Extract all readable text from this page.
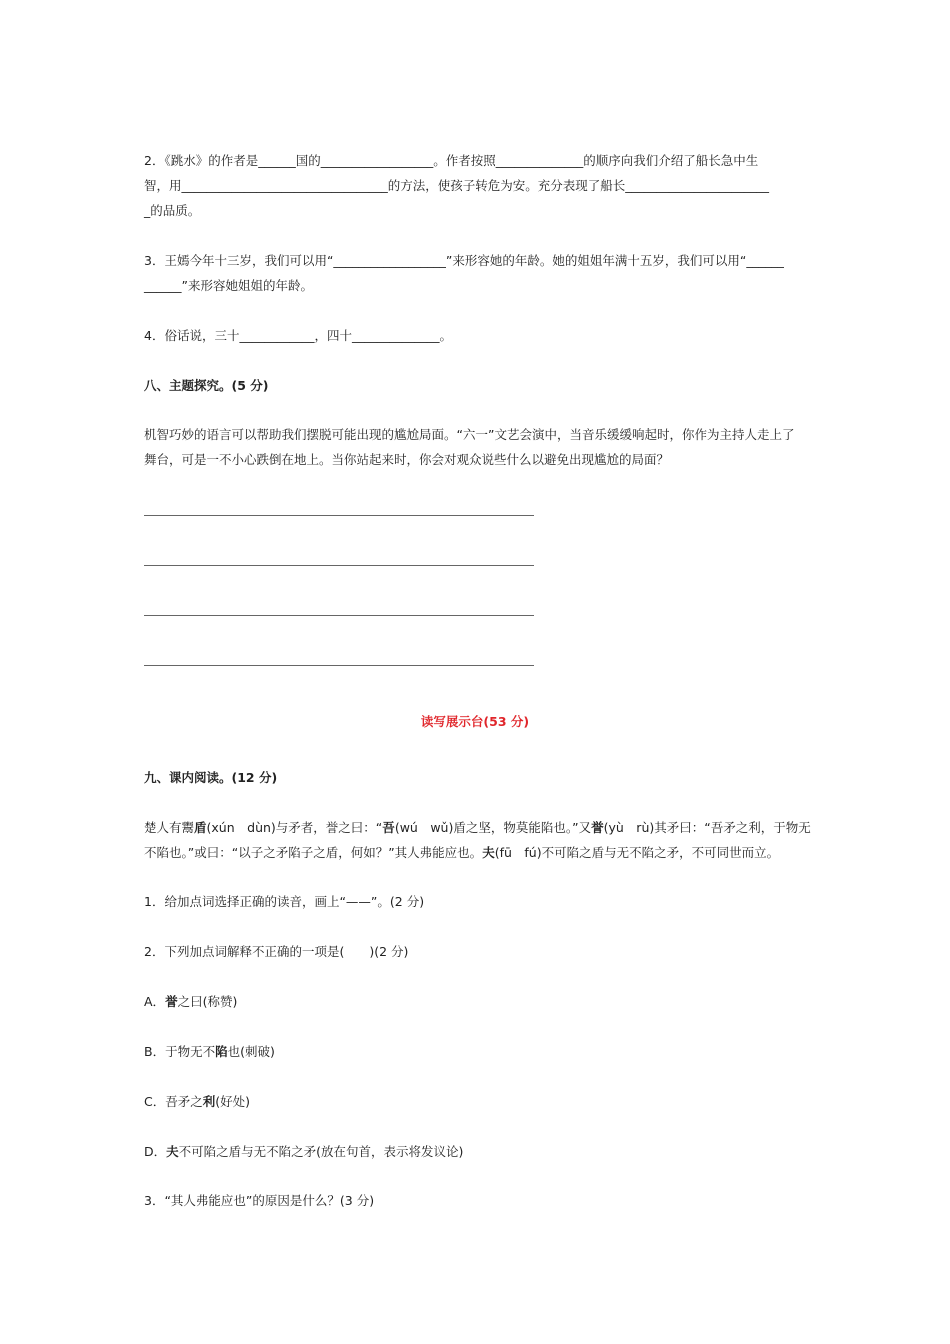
2．《跳水》的作者是______国的__________________。作者按照______________的顺序向我们介绍了船长急中生
智，用_________________________________的方法，使孩子转危为安。充分表现了船长_______________________
_的品质。

3．王嫣今年十三岁，我们可以用“__________________”来形容她的年龄。她的姐姐年满十五岁，我们可以用“______
______”来形容她姐姐的年龄。

4．俗话说，三十____________，四十______________。

八、主题探究。(5 分)

机智巧妙的语言可以帮助我们摆脱可能出现的尴尬局面。“六一”文艺会演中，当音乐缓缓响起时，你作为主持人走上了
舞台，可是一不小心跌倒在地上。当你站起来时，你会对观众说些什么以避免出现尴尬的局面？

读写展示台(53 分)

九、课内阅读。(12 分)

楚人有鬻盾(xún　dùn)与矛者，誉之曰：“吾(wú　wǔ)盾之坚，物莫能陷也。”又誉(yù　rù)其矛曰：“吾矛之利，于物无
不陷也。”或曰：“以子之矛陷子之盾，何如？”其人弗能应也。夫(fū　fú)不可陷之盾与无不陷之矛，不可同世而立。

1．给加点词选择正确的读音，画上“——”。(2 分)

2．下列加点词解释不正确的一项是(　　)(2 分)

A．誉之曰(称赞)

B．于物无不陷也(刺破)

C．吾矛之利(好处)

D．夫不可陷之盾与无不陷之矛(放在句首，表示将发议论)

3．“其人弗能应也”的原因是什么？(3 分)
